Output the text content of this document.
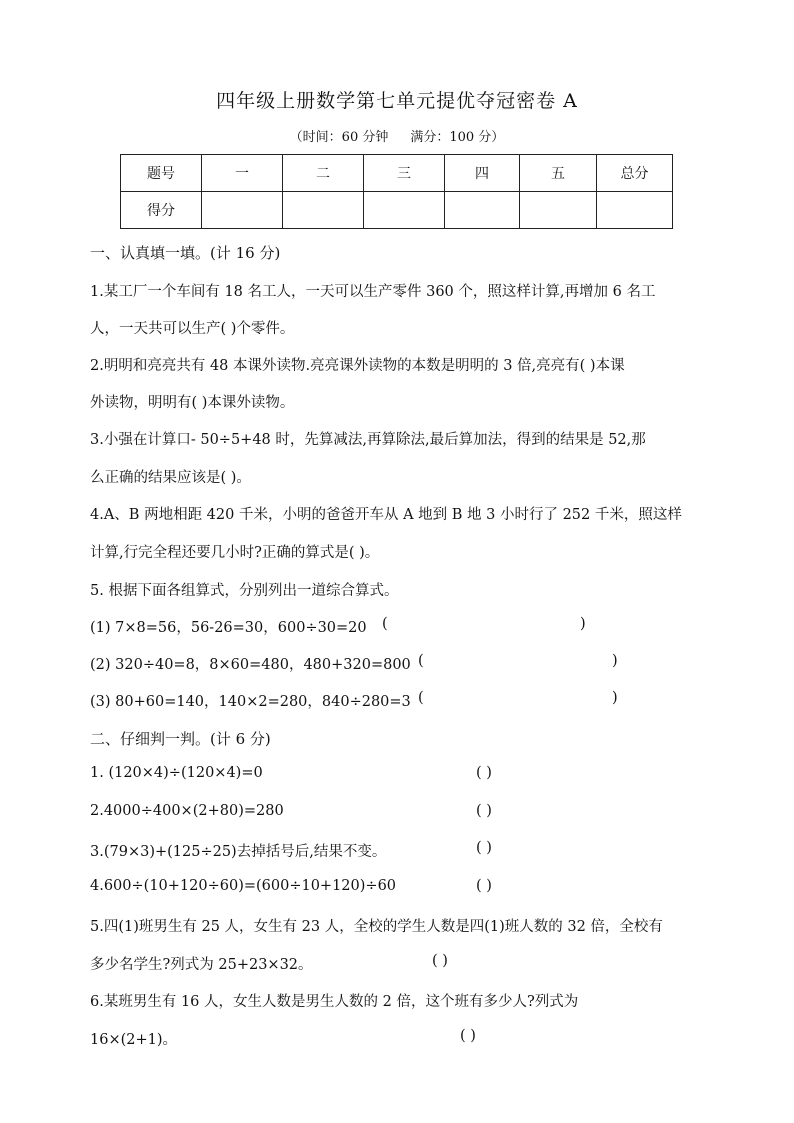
四年级上册数学第七单元提优夺冠密卷 A
（时间：60 分钟 满分：100 分）
题号	一	二	三	四	五	总分
得分						
一、认真填一填。(计 16 分)
1.某工厂一个车间有 18 名工人，一天可以生产零件 360 个，照这样计算,再增加 6 名工
人，一天共可以生产( )个零件。
2.明明和亮亮共有 48 本课外读物.亮亮课外读物的本数是明明的 3 倍,亮亮有( )本课
外读物，明明有( )本课外读物。
3.小强在计算口- 50÷5+48 时，先算减法,再算除法,最后算加法，得到的结果是 52,那
么正确的结果应该是( )。
4.A、B 两地相距 420 千米，小明的爸爸开车从 A 地到 B 地 3 小时行了 252 千米，照这样
计算,行完全程还要几小时?正确的算式是( )。
5. 根据下面各组算式，分别列出一道综合算式。
(1) 7×8=56，56-26=30，600÷30=20 (	)
(2) 320÷40=8，8×60=480，480+320=800 (	)
(3) 80+60=140，140×2=280，840÷280=3 (	)
二、仔细判一判。(计 6 分)
1. (120×4)÷(120×4)=0	( )
2.4000÷400×(2+80)=280	( )
3.(79×3)+(125÷25)去掉括号后,结果不变。	( )
4.600÷(10+120÷60)=(600÷10+120)÷60	( )
5.四(1)班男生有 25 人，女生有 23 人，全校的学生人数是四(1)班人数的 32 倍，全校有
多少名学生?列式为 25+23×32。	( )
6.某班男生有 16 人，女生人数是男生人数的 2 倍，这个班有多少人?列式为
16×(2+1)。	( )
